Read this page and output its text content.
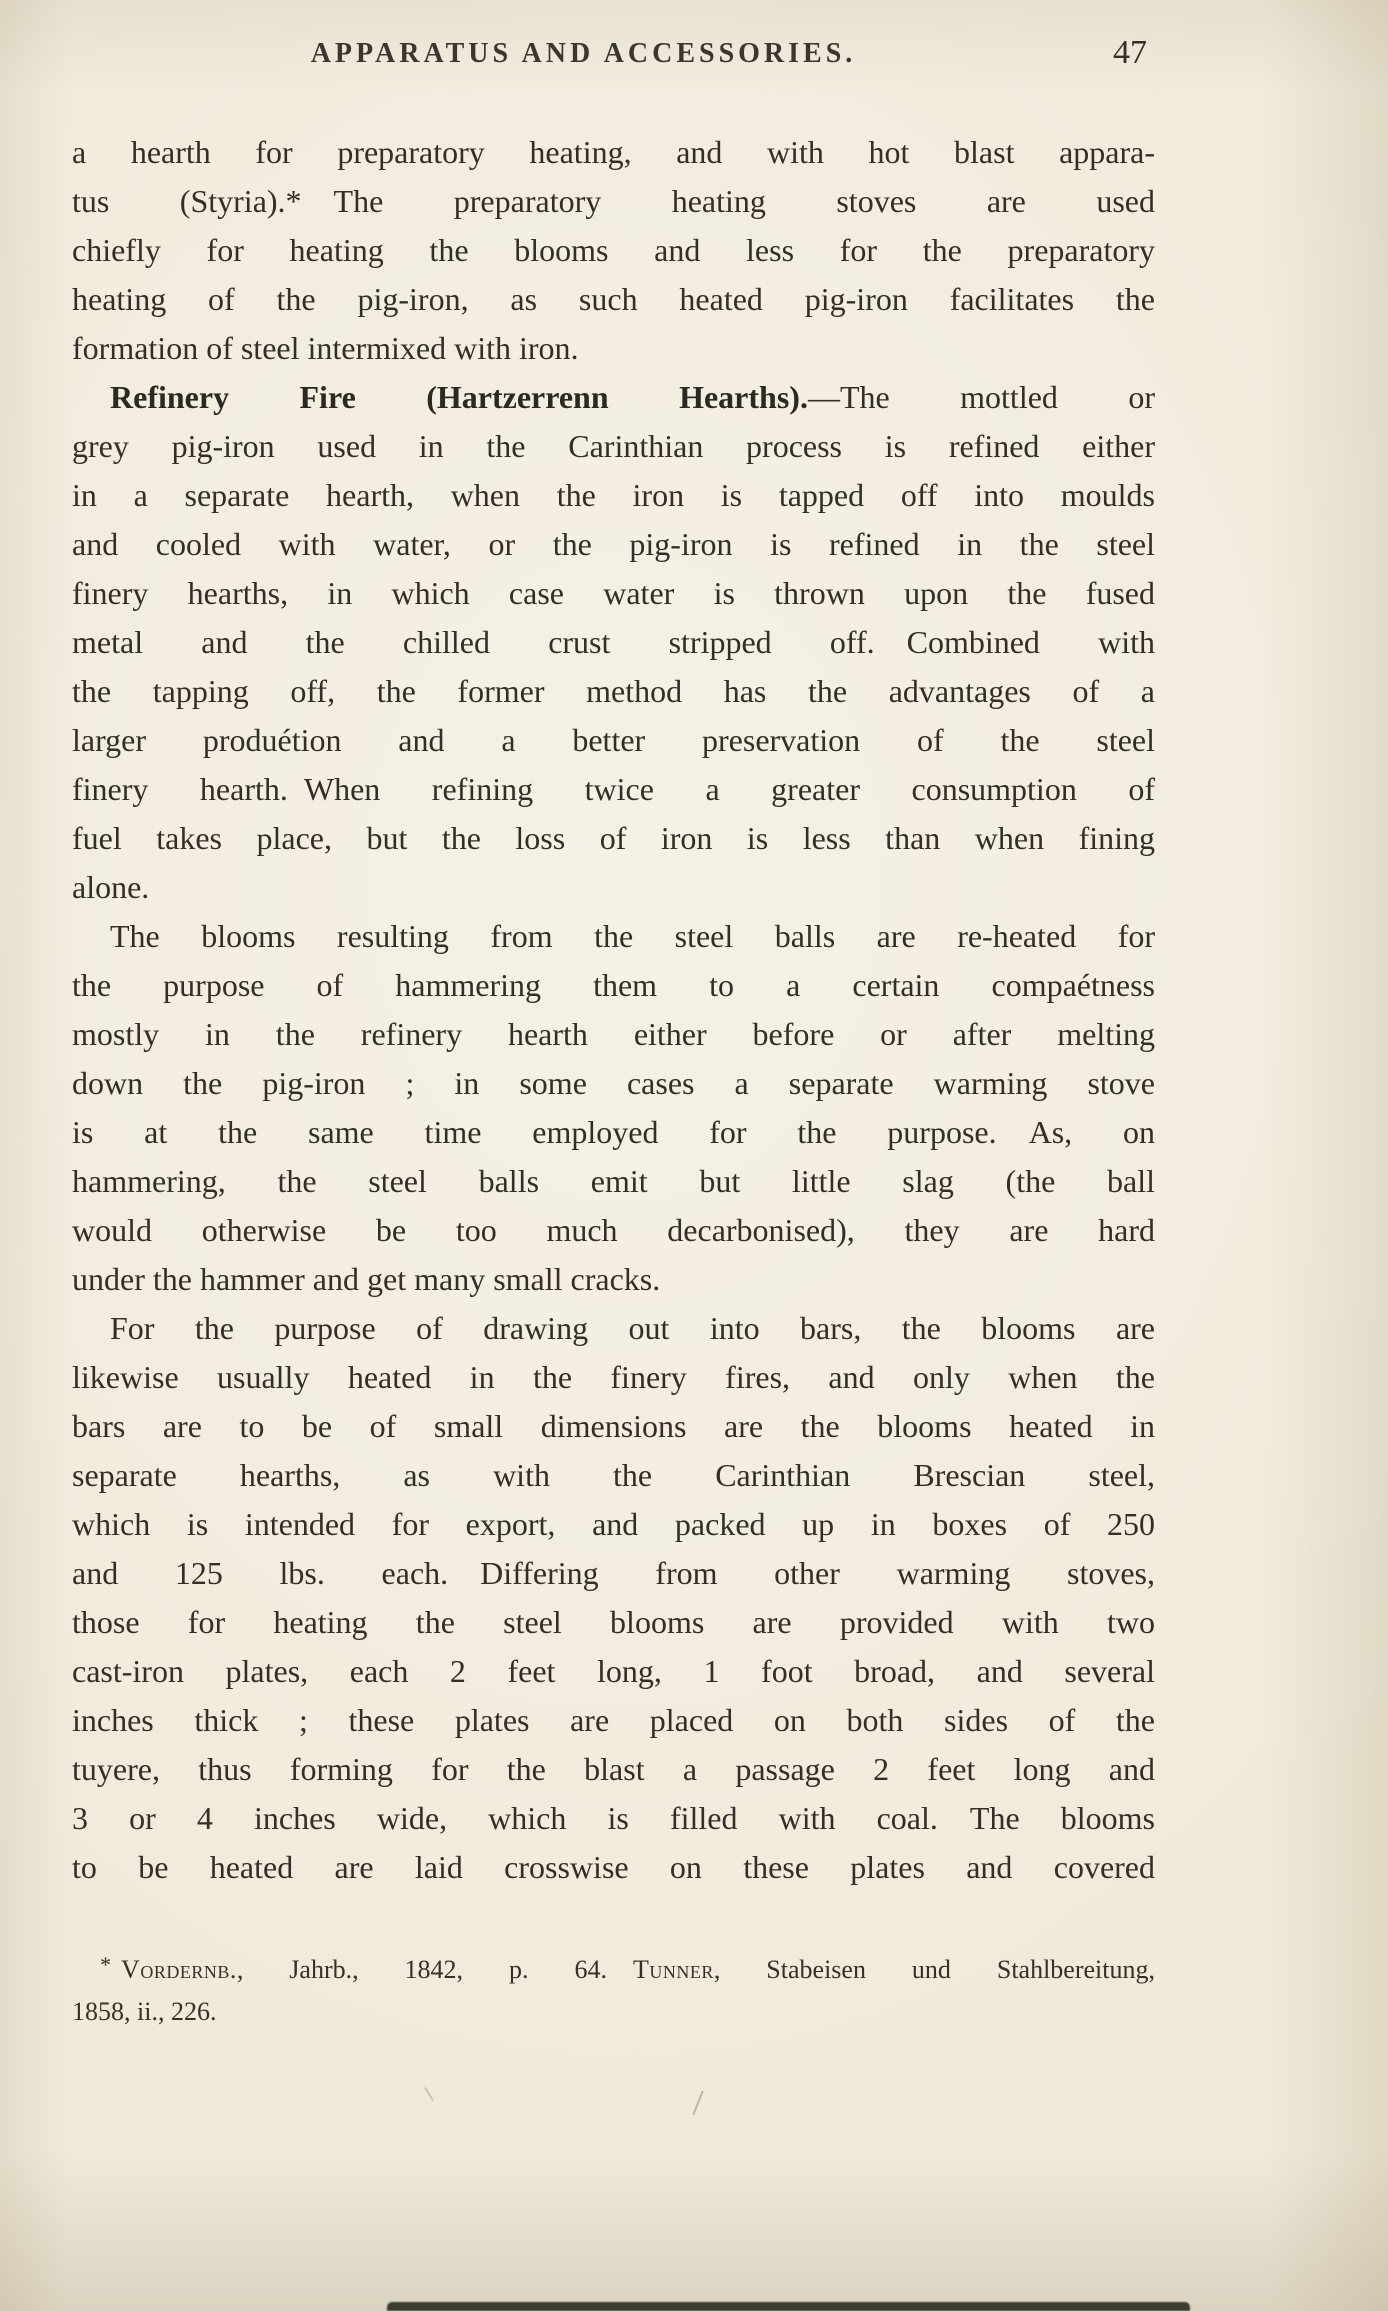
APPARATUS AND ACCESSORIES.	47
a hearth for preparatory heating, and with hot blast appara-
tus (Styria).* The preparatory heating stoves are used
chiefly for heating the blooms and less for the preparatory
heating of the pig-iron, as such heated pig-iron facilitates the
formation of steel intermixed with iron.
Refinery Fire (Hartzerrenn Hearths).—The mottled or
grey pig-iron used in the Carinthian process is refined either
in a separate hearth, when the iron is tapped off into moulds
and cooled with water, or the pig-iron is refined in the steel
finery hearths, in which case water is thrown upon the fused
metal and the chilled crust stripped off. Combined with
the tapping off, the former method has the advantages of a
larger produétion and a better preservation of the steel
finery hearth. When refining twice a greater consumption of
fuel takes place, but the loss of iron is less than when fining
alone.
The blooms resulting from the steel balls are re-heated for
the purpose of hammering them to a certain compaétness
mostly in the refinery hearth either before or after melting
down the pig-iron ; in some cases a separate warming stove
is at the same time employed for the purpose. As, on
hammering, the steel balls emit but little slag (the ball
would otherwise be too much decarbonised), they are hard
under the hammer and get many small cracks.
For the purpose of drawing out into bars, the blooms are
likewise usually heated in the finery fires, and only when the
bars are to be of small dimensions are the blooms heated in
separate hearths, as with the Carinthian Brescian steel,
which is intended for export, and packed up in boxes of 250
and 125 lbs. each. Differing from other warming stoves,
those for heating the steel blooms are provided with two
cast-iron plates, each 2 feet long, 1 foot broad, and several
inches thick ; these plates are placed on both sides of the
tuyere, thus forming for the blast a passage 2 feet long and
3 or 4 inches wide, which is filled with coal. The blooms
to be heated are laid crosswise on these plates and covered
* Vordernb., Jahrb., 1842, p. 64. Tunner, Stabeisen und Stahlbereitung,
1858, ii., 226.
